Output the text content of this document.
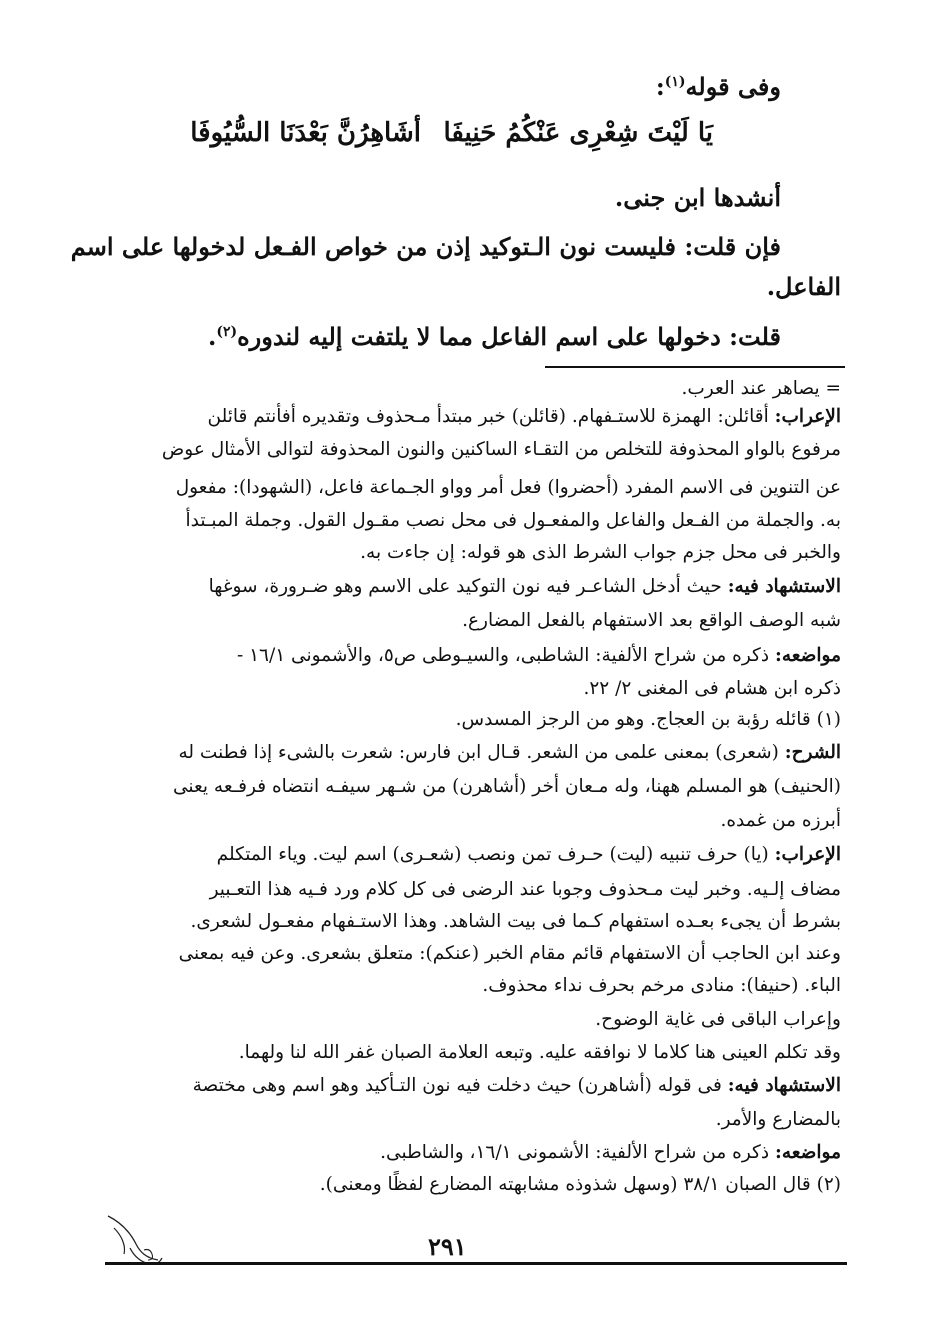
وفى قوله$^{(١)}$:
يَا لَيْتَ شِعْرِى عَنْكُمُ حَنِيفَا
أشَاهِرُنَّ بَعْدَنَا السُّيُوفَا
أنشدها ابن جنى.
فإن قلت: فليست نون الـتوكيد إذن من خواص الفـعل لدخولها على اسم
الفاعل.
قلت: دخولها على اسم الفاعل مما لا يلتفت إليه لندوره$^{(٢)}$.
= يصاهر عند العرب.
الإعراب: أقائلن: الهمزة للاستـفهام. (قائلن) خبر مبتدأ مـحذوف وتقديره أفأنتم قائلن
مرفوع بالواو المحذوفة للتخلص من التقـاء الساكنين والنون المحذوفة لتوالى الأمثال عوض
عن التنوين فى الاسم المفرد (أحضروا) فعل أمر وواو الجـماعة فاعل، (الشهودا): مفعول
به. والجملة من الفـعل والفاعل والمفعـول فى محل نصب مقـول القول. وجملة المبـتدأ
والخبر فى محل جزم جواب الشرط الذى هو قوله: إن جاءت به.
الاستشهاد فيه: حيث أدخل الشاعـر فيه نون التوكيد على الاسم وهو ضـرورة، سوغها
شبه الوصف الواقع بعد الاستفهام بالفعل المضارع.
مواضعه: ذكره من شراح الألفية: الشاطبى، والسيـوطى ص٥، والأشمونى ١٦/١ -
ذكره ابن هشام فى المغنى ٢/ ٢٢.
(١) قائله رؤبة بن العجاج. وهو من الرجز المسدس.
الشرح: (شعرى) بمعنى علمى من الشعر. قـال ابن فارس: شعرت بالشىء إذا فطنت له
(الحنيف) هو المسلم ههنا، وله مـعان أخر (أشاهرن) من شـهر سيفـه انتضاه فرفـعه يعنى
أبرزه من غمده.
الإعراب: (يا) حرف تنبيه (ليت) حـرف تمن ونصب (شعـرى) اسم ليت. وياء المتكلم
مضاف إلـيه. وخبر ليت مـحذوف وجوبا عند الرضى فى كل كلام ورد فـيه هذا التعـبير
بشرط أن يجىء بعـده استفهام كـما فى بيت الشاهد. وهذا الاستـفهام مفعـول لشعرى.
وعند ابن الحاجب أن الاستفهام قائم مقام الخبر (عنكم): متعلق بشعرى. وعن فيه بمعنى
الباء. (حنيفا): منادى مرخم بحرف نداء محذوف.
وإعراب الباقى فى غاية الوضوح.
وقد تكلم العينى هنا كلاما لا نوافقه عليه. وتبعه العلامة الصبان غفر الله لنا ولهما.
الاستشهاد فيه: فى قوله (أشاهرن) حيث دخلت فيه نون التـأكيد وهو اسم وهى مختصة
بالمضارع والأمر.
مواضعه: ذكره من شراح الألفية: الأشمونى ١٦/١، والشاطبى.
(٢) قال الصبان ٣٨/١ (وسهل شذوذه مشابهته المضارع لفظًا ومعنى).
٢٩١
